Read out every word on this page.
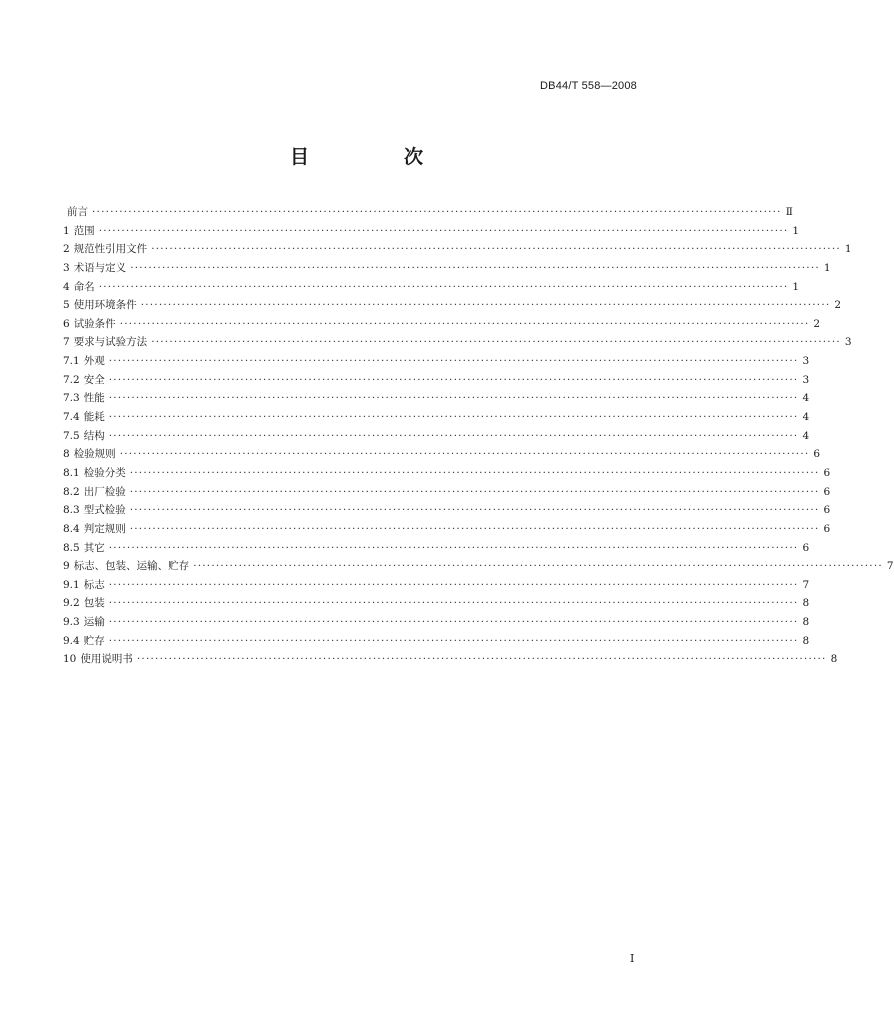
DB44/T 558—2008
目　次
前言 ························································································································································ Ⅱ
1 范围 ························································································································································ 1
2 规范性引用文件 ························································································································································ 1
3 术语与定义 ························································································································································ 1
4 命名 ························································································································································ 1
5 使用环境条件 ························································································································································ 2
6 试验条件 ························································································································································ 2
7 要求与试验方法 ························································································································································ 3
7.1 外观 ························································································································································ 3
7.2 安全 ························································································································································ 3
7.3 性能 ························································································································································ 4
7.4 能耗 ························································································································································ 4
7.5 结构 ························································································································································ 4
8 检验规则 ························································································································································ 6
8.1 检验分类 ························································································································································ 6
8.2 出厂检验 ························································································································································ 6
8.3 型式检验 ························································································································································ 6
8.4 判定规则 ························································································································································ 6
8.5 其它 ························································································································································ 6
9 标志、包装、运输、贮存 ························································································································································ 7
9.1 标志 ························································································································································ 7
9.2 包装 ························································································································································ 8
9.3 运输 ························································································································································ 8
9.4 贮存 ························································································································································ 8
10 使用说明书 ························································································································································ 8
I
